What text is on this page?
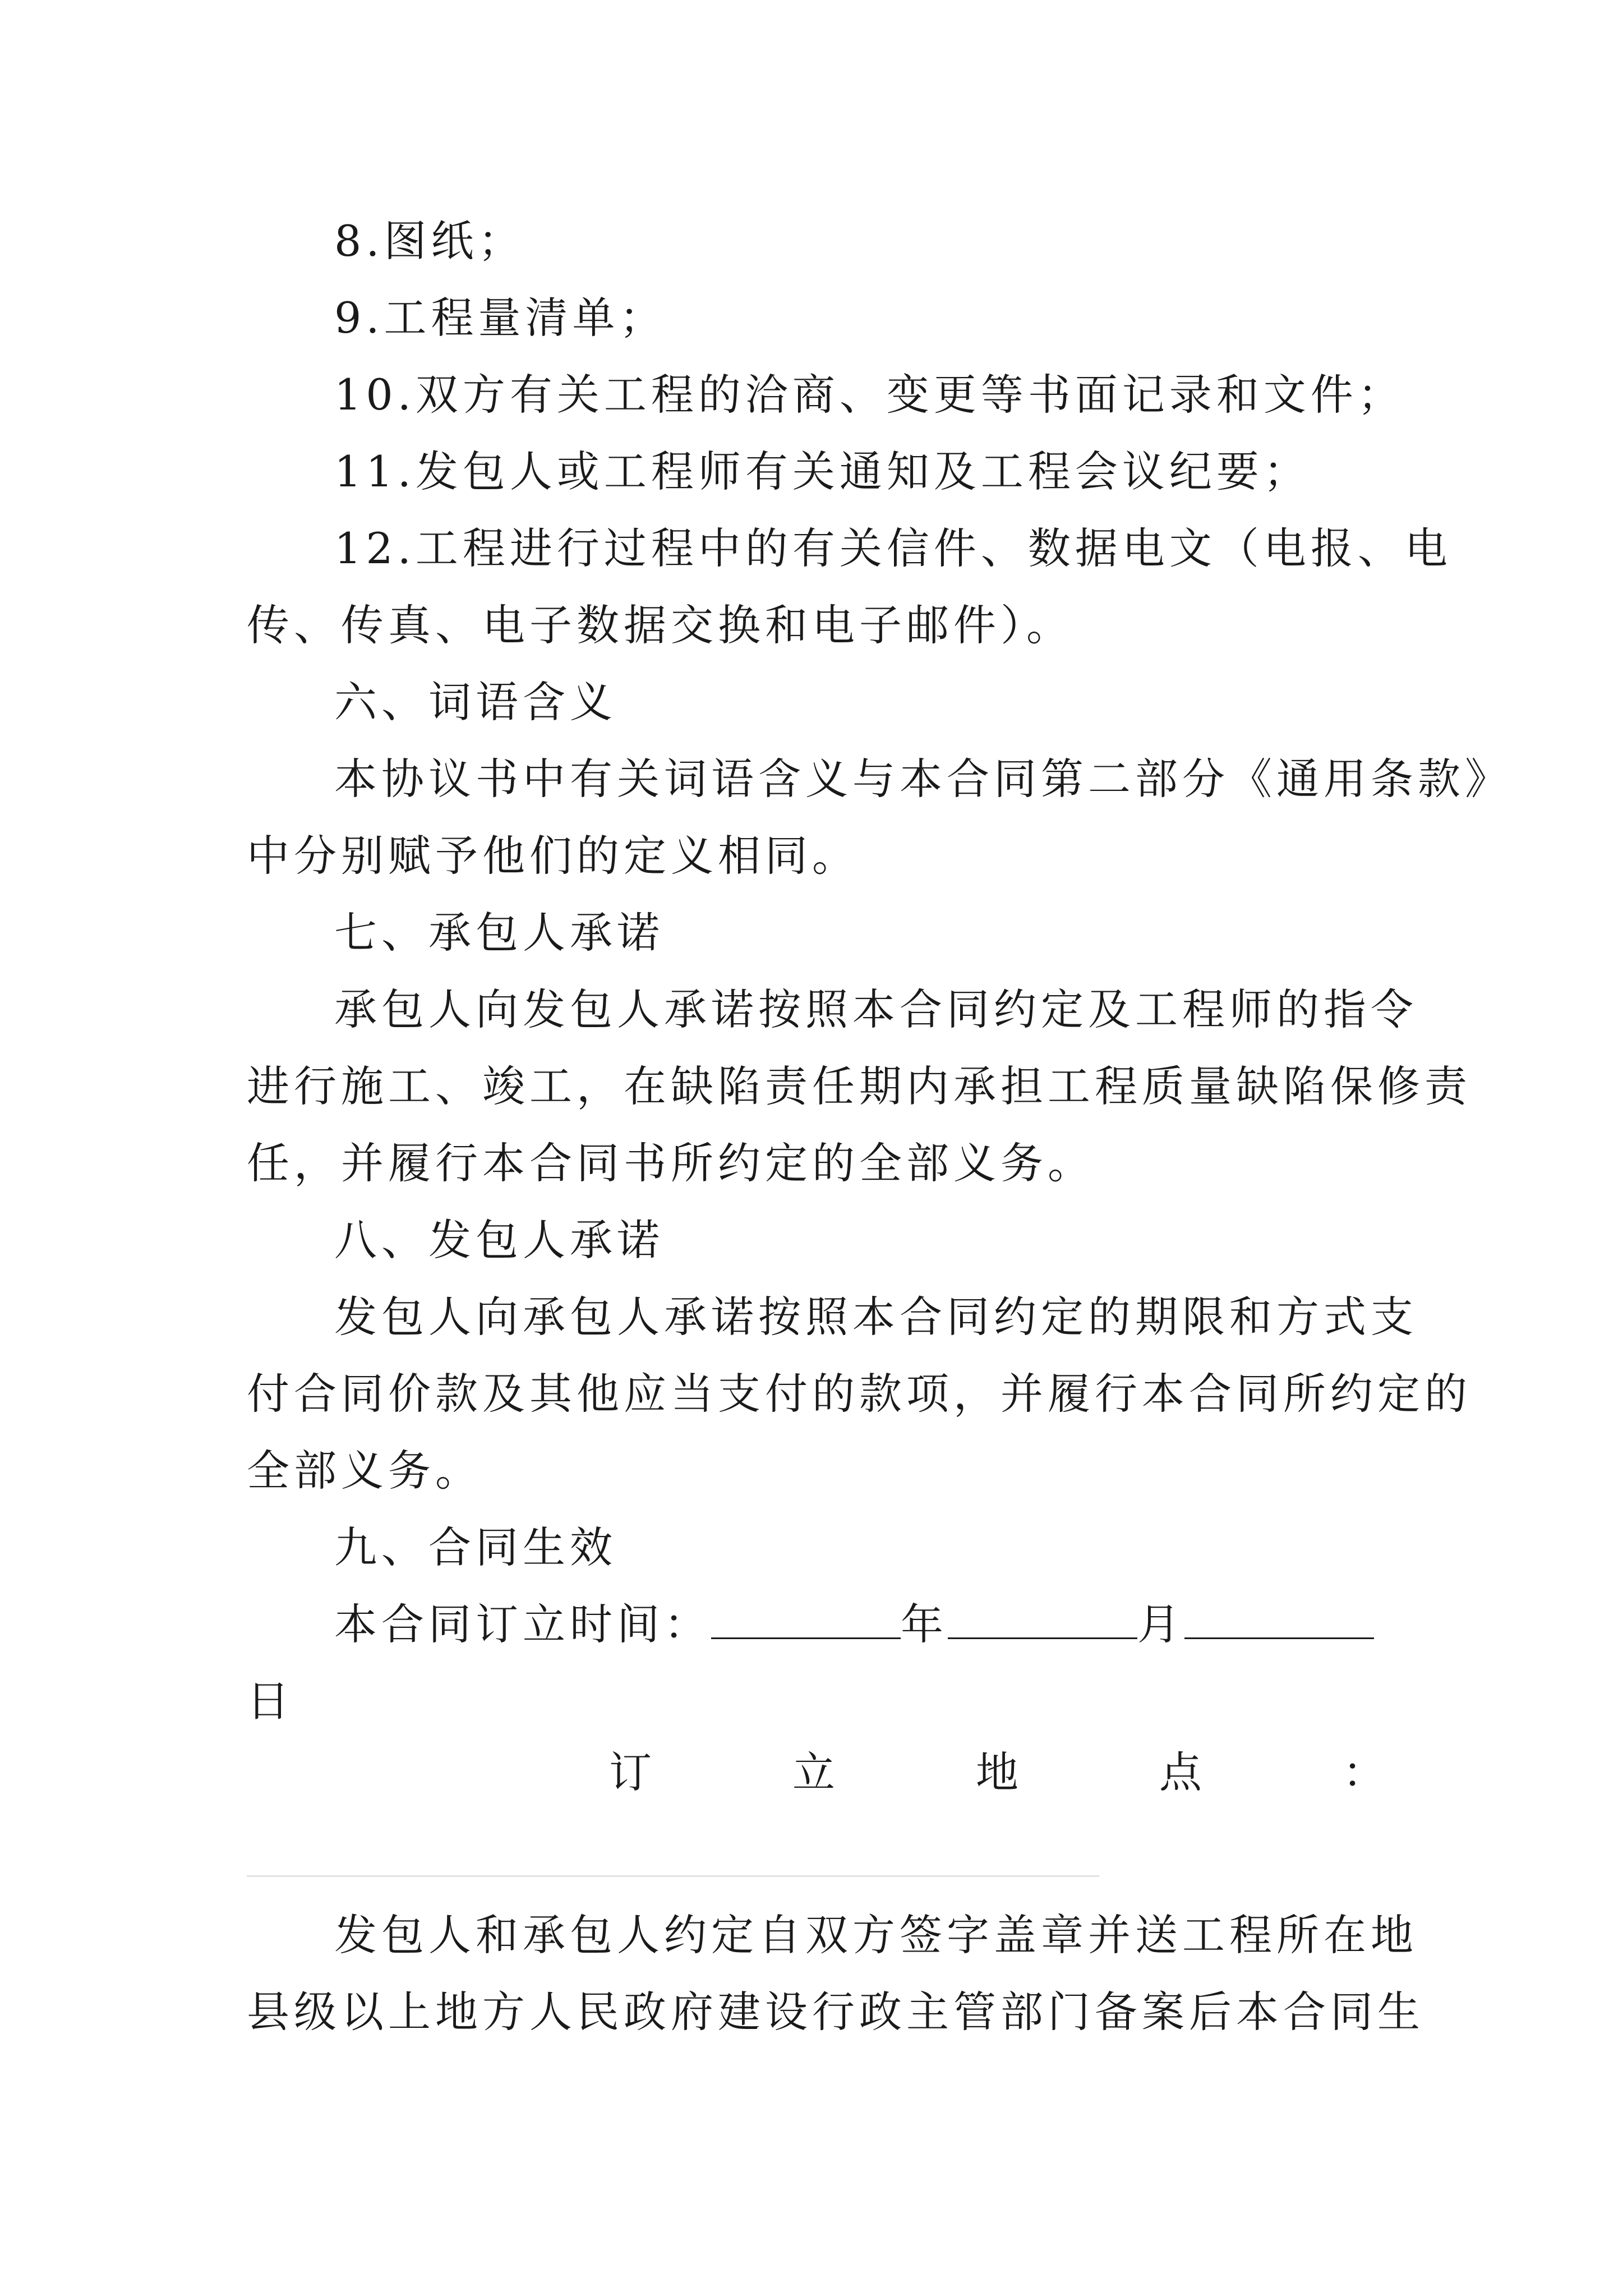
8.图纸；
9.工程量清单；
10.双方有关工程的洽商、变更等书面记录和文件；
11.发包人或工程师有关通知及工程会议纪要；
12.工程进行过程中的有关信件、数据电文（电报、电
传、传真、电子数据交换和电子邮件）。
六、词语含义
本协议书中有关词语含义与本合同第二部分《通用条款》
中分别赋予他们的定义相同。
七、承包人承诺
承包人向发包人承诺按照本合同约定及工程师的指令
进行施工、竣工，在缺陷责任期内承担工程质量缺陷保修责
任，并履行本合同书所约定的全部义务。
八、发包人承诺
发包人向承包人承诺按照本合同约定的期限和方式支
付合同价款及其他应当支付的款项，并履行本合同所约定的
全部义务。
九、合同生效
本合同订立时间：	年	月
日
订	立	地	点	：
发包人和承包人约定自双方签字盖章并送工程所在地
县级以上地方人民政府建设行政主管部门备案后本合同生
